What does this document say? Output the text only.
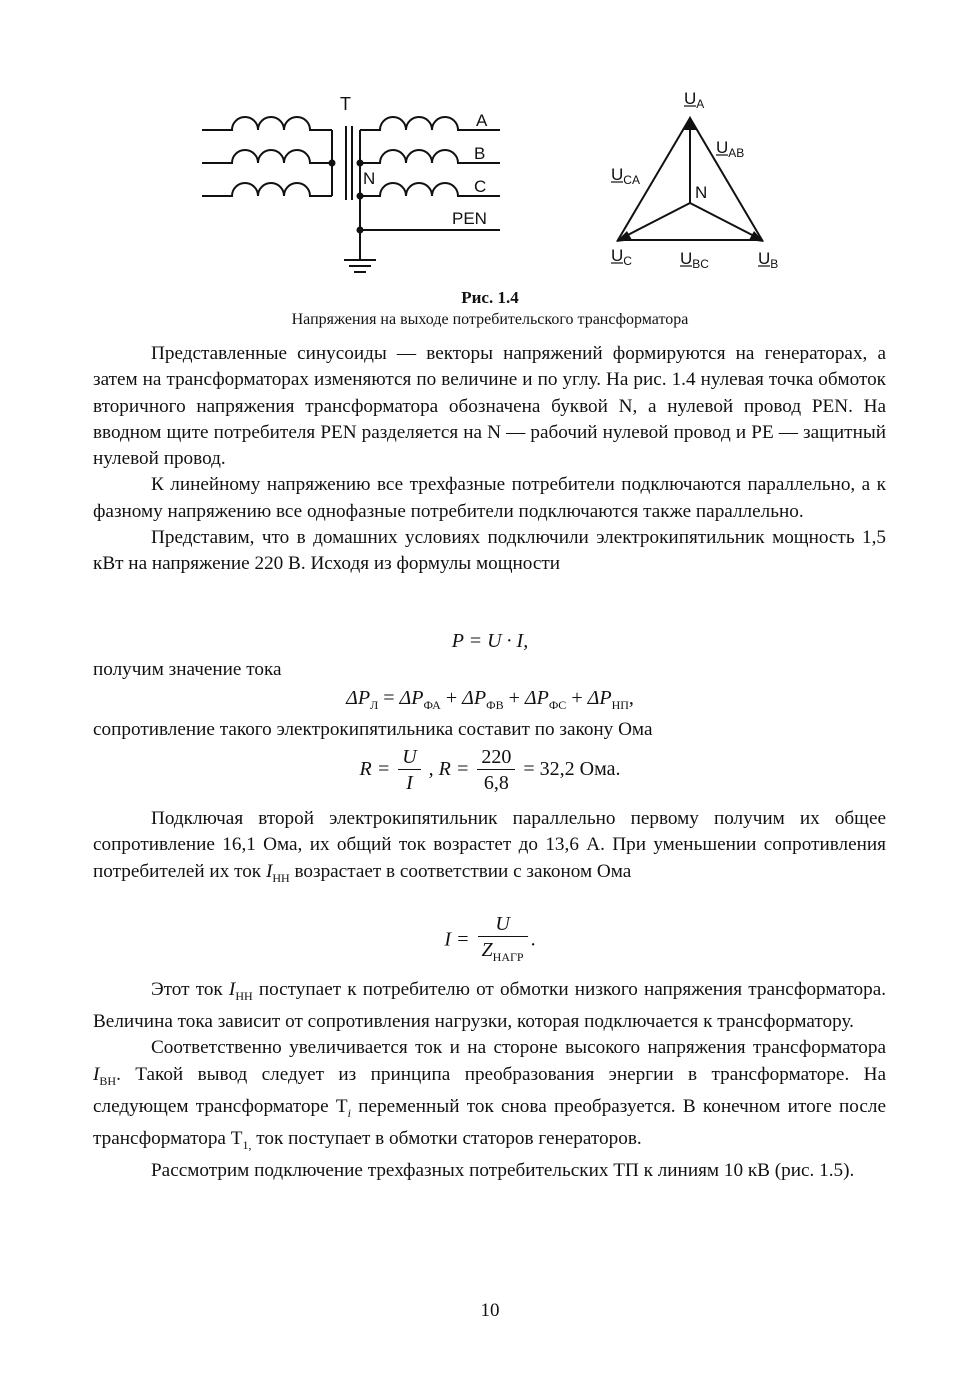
T
A
B
C
N
PEN
$U_A$
$U_{AB}$
$U_{CA}$
N
$U_C$	$U_{BC}$	$U_B$
Рис. 1.4
Напряжения на выходе потребительского трансформатора

Представленные синусоиды — векторы напряжений формируются на генераторах, а затем на трансформаторах изменяются по величине и по углу. На рис. 1.4 нулевая точка обмоток вторичного напряжения трансформатора обозначена буквой N, а нулевой провод PEN. На вводном щите потребителя PEN разделяется на N — рабочий нулевой провод и PE — защитный нулевой провод.

К линейному напряжению все трехфазные потребители подключаются параллельно, а к фазному напряжению все однофазные потребители подключаются также параллельно.

Представим, что в домашних условиях подключили электрокипятильник мощность 1,5 кВт на напряжение 220 В. Исходя из формулы мощности

P = U · I,

получим значение тока

$\Delta P_Л = \Delta P_{ФА} + \Delta P_{ФВ} + \Delta P_{ФС} + \Delta P_{НП}$,

сопротивление такого электрокипятильника составит по закону Ома

$R = \frac{U}{I}$ , $R = \frac{220}{6,8} = 32,2$ Ома.

Подключая второй электрокипятильник параллельно первому получим их общее сопротивление 16,1 Ома, их общий ток возрастет до 13,6 А. При уменьшении сопротивления потребителей их ток $I_{НН}$ возрастает в соответствии с законом Ома

$I = \frac{U}{Z_{НАГР}}$ .

Этот ток $I_{НН}$ поступает к потребителю от обмотки низкого напряжения трансформатора. Величина тока зависит от сопротивления нагрузки, которая подключается к трансформатору.

Соответственно увеличивается ток и на стороне высокого напряжения трансформатора $I_{ВН}$. Такой вывод следует из принципа преобразования энергии в трансформаторе. На следующем трансформаторе $T_i$ переменный ток снова преобразуется. В конечном итоге после трансформатора $T_{1,}$ ток поступает в обмотки статоров генераторов.

Рассмотрим подключение трехфазных потребительских ТП к линиям 10 кВ (рис. 1.5).

10
